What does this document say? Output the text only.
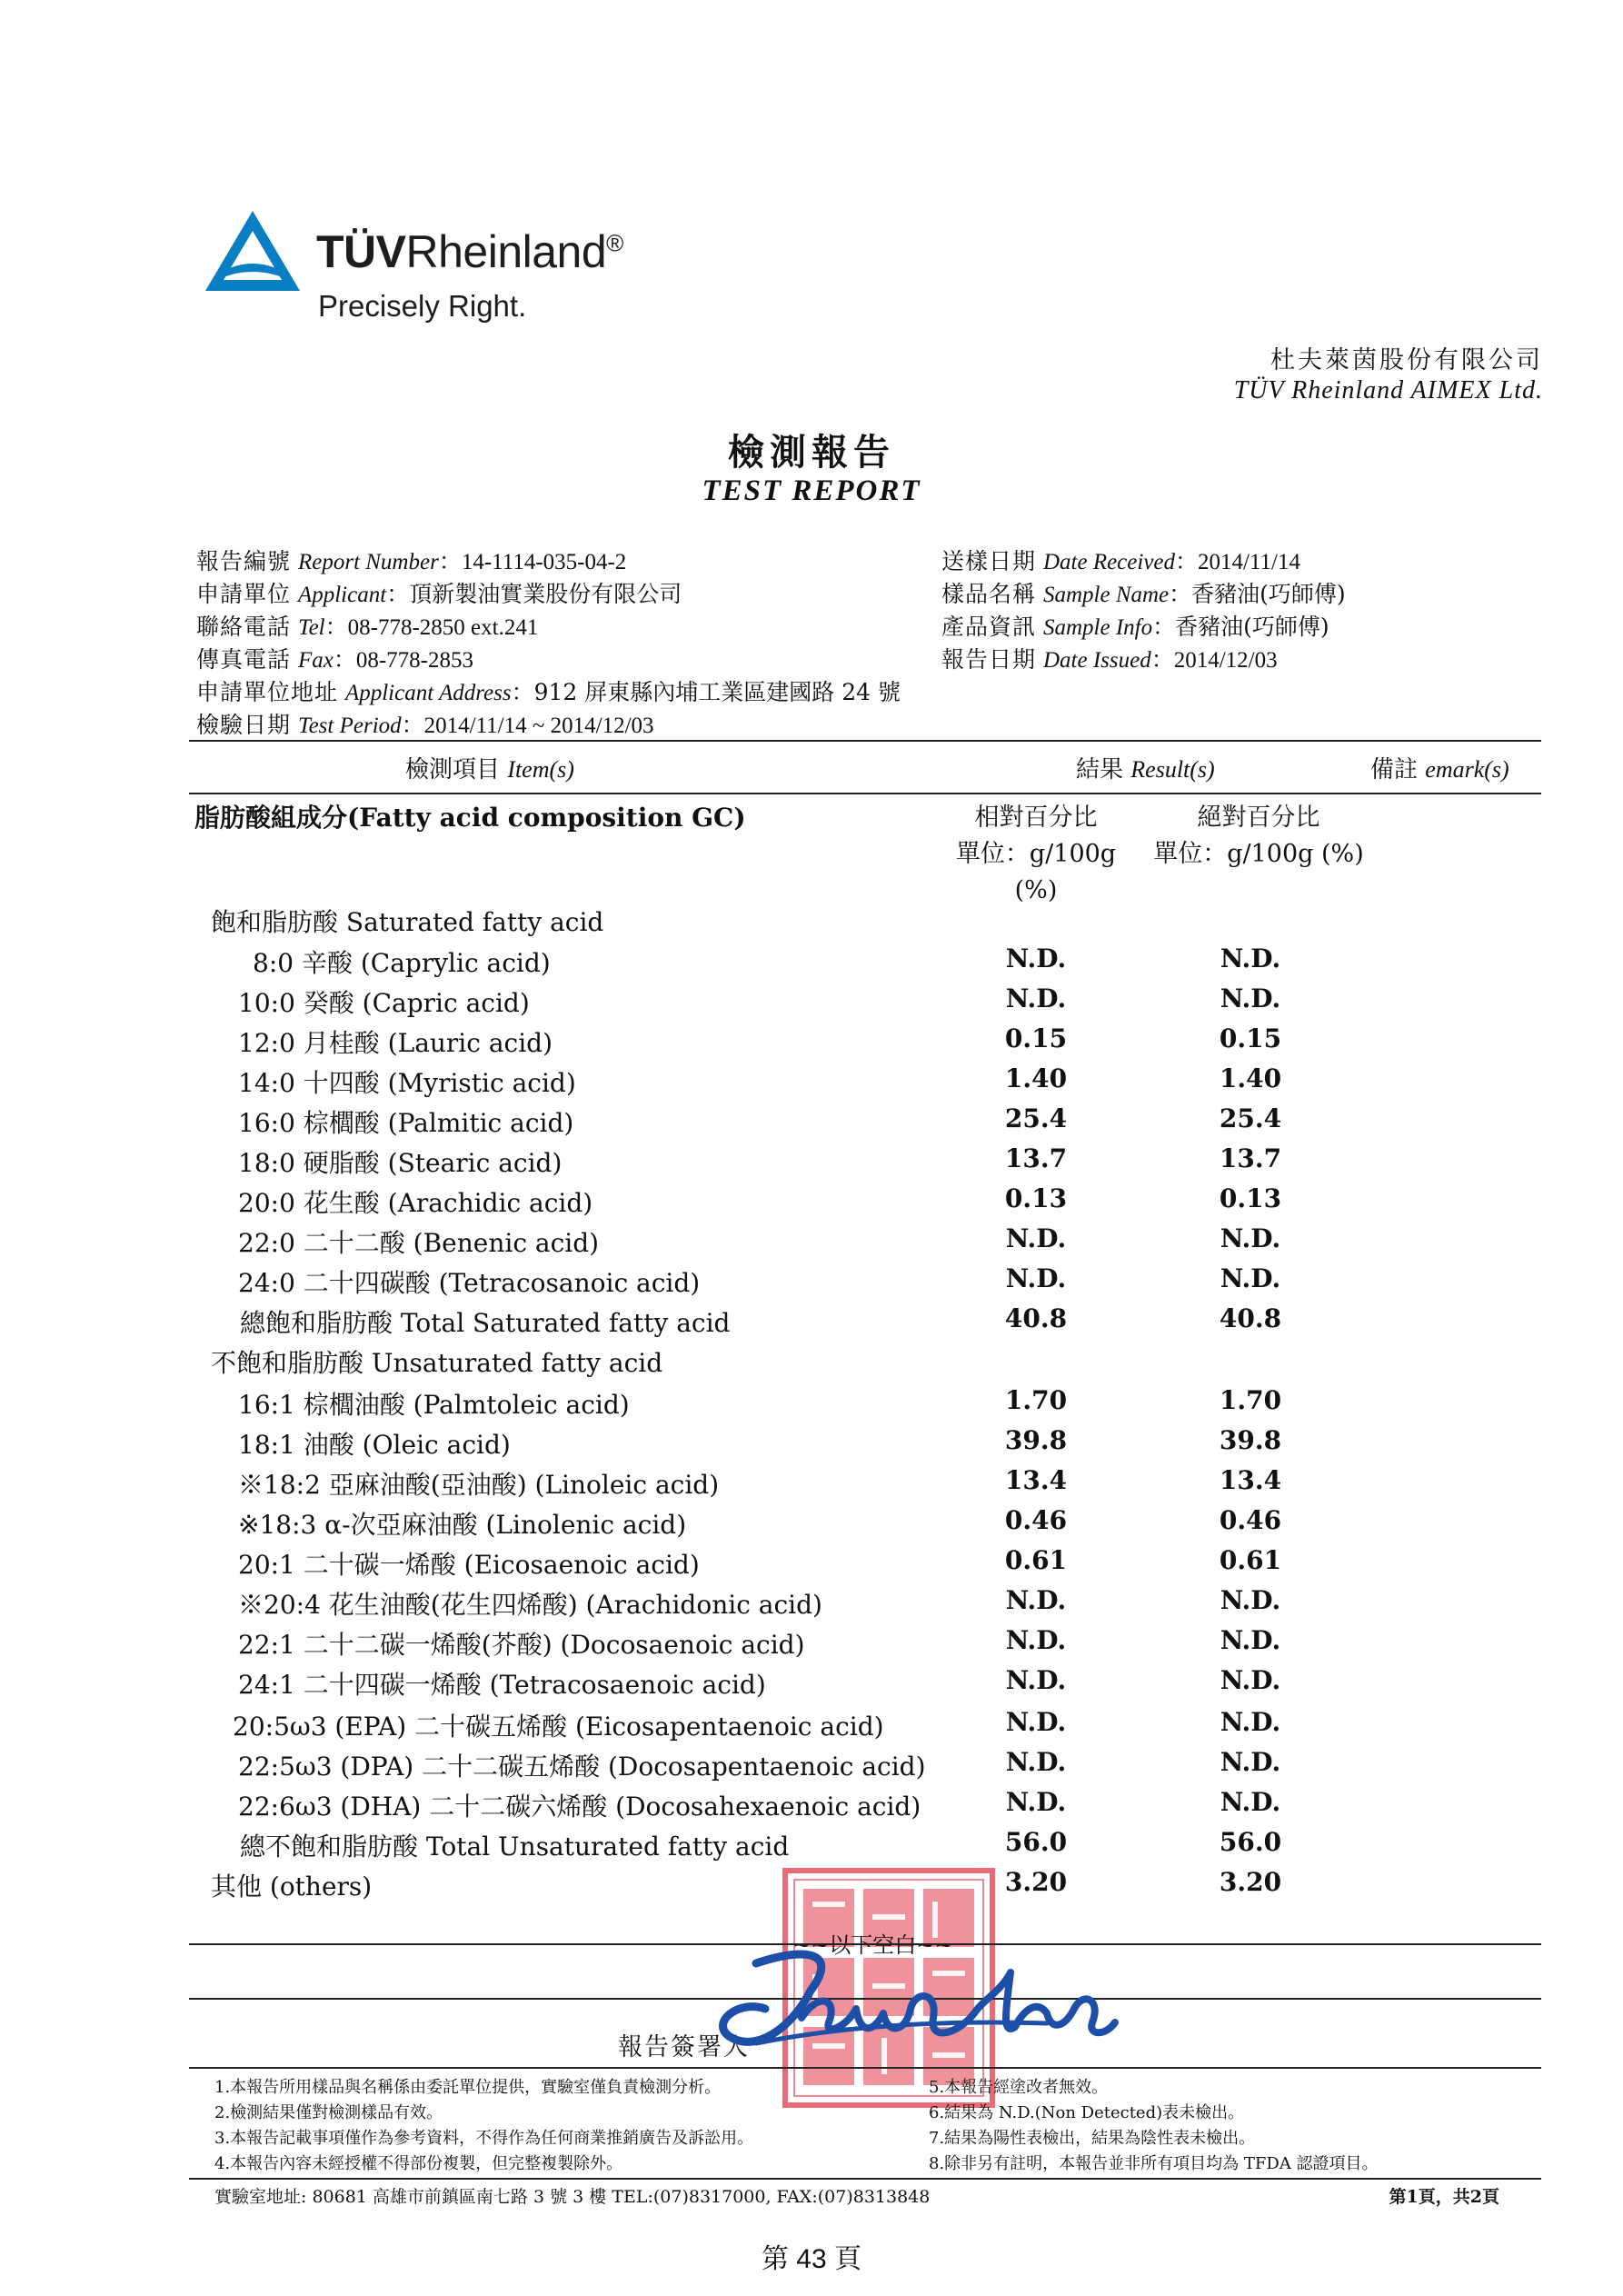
TÜVRheinland®
Precisely Right.
杜夫萊茵股份有限公司
TÜV Rheinland AIMEX Ltd.
檢測報告
TEST REPORT
報告編號 Report Number：14-1114-035-04-2
申請單位 Applicant：頂新製油實業股份有限公司
聯絡電話 Tel：08-778-2850 ext.241
傳真電話 Fax：08-778-2853
申請單位地址 Applicant Address：912 屏東縣內埔工業區建國路 24 號
檢驗日期 Test Period：2014/11/14 ~ 2014/12/03
送樣日期 Date Received：2014/11/14
樣品名稱 Sample Name：香豬油(巧師傅)
產品資訊 Sample Info：香豬油(巧師傅)
報告日期 Date Issued：2014/12/03
檢測項目 Item(s)	結果 Result(s)	備註 emark(s)
脂肪酸組成分(Fatty acid composition GC)	相對百分比
單位：g/100g
(%)
絕對百分比
單位：g/100g (%)
飽和脂肪酸 Saturated fatty acid
8:0 辛酸 (Caprylic acid)	N.D.	N.D.
10:0 癸酸 (Capric acid)	N.D.	N.D.
12:0 月桂酸 (Lauric acid)	0.15	0.15
14:0 十四酸 (Myristic acid)	1.40	1.40
16:0 棕櫚酸 (Palmitic acid)	25.4	25.4
18:0 硬脂酸 (Stearic acid)	13.7	13.7
20:0 花生酸 (Arachidic acid)	0.13	0.13
22:0 二十二酸 (Benenic acid)	N.D.	N.D.
24:0 二十四碳酸 (Tetracosanoic acid)	N.D.	N.D.
總飽和脂肪酸 Total Saturated fatty acid	40.8	40.8
不飽和脂肪酸 Unsaturated fatty acid
16:1 棕櫚油酸 (Palmtoleic acid)	1.70	1.70
18:1 油酸 (Oleic acid)	39.8	39.8
※18:2 亞麻油酸(亞油酸) (Linoleic acid)	13.4	13.4
※18:3 α-次亞麻油酸 (Linolenic acid)	0.46	0.46
20:1 二十碳一烯酸 (Eicosaenoic acid)	0.61	0.61
※20:4 花生油酸(花生四烯酸) (Arachidonic acid)	N.D.	N.D.
22:1 二十二碳一烯酸(芥酸) (Docosaenoic acid)	N.D.	N.D.
24:1 二十四碳一烯酸 (Tetracosaenoic acid)	N.D.	N.D.
20:5ω3 (EPA) 二十碳五烯酸 (Eicosapentaenoic acid)	N.D.	N.D.
22:5ω3 (DPA) 二十二碳五烯酸 (Docosapentaenoic acid)	N.D.	N.D.
22:6ω3 (DHA) 二十二碳六烯酸 (Docosahexaenoic acid)	N.D.	N.D.
總不飽和脂肪酸 Total Unsaturated fatty acid	56.0	56.0
其他 (others)	3.20	3.20
~~以下空白~~
報告簽署人
1.本報告所用樣品與名稱係由委託單位提供，實驗室僅負責檢測分析。
2.檢測結果僅對檢測樣品有效。
3.本報告記載事項僅作為參考資料，不得作為任何商業推銷廣告及訴訟用。
4.本報告內容未經授權不得部份複製，但完整複製除外。
5.本報告經塗改者無效。
6.結果為 N.D.(Non Detected)表未檢出。
7.結果為陽性表檢出，結果為陰性表未檢出。
8.除非另有註明，本報告並非所有項目均為 TFDA 認證項目。
實驗室地址: 80681 高雄市前鎮區南七路 3 號 3 樓 TEL:(07)8317000, FAX:(07)8313848	第1頁，共2頁
第 43 頁
